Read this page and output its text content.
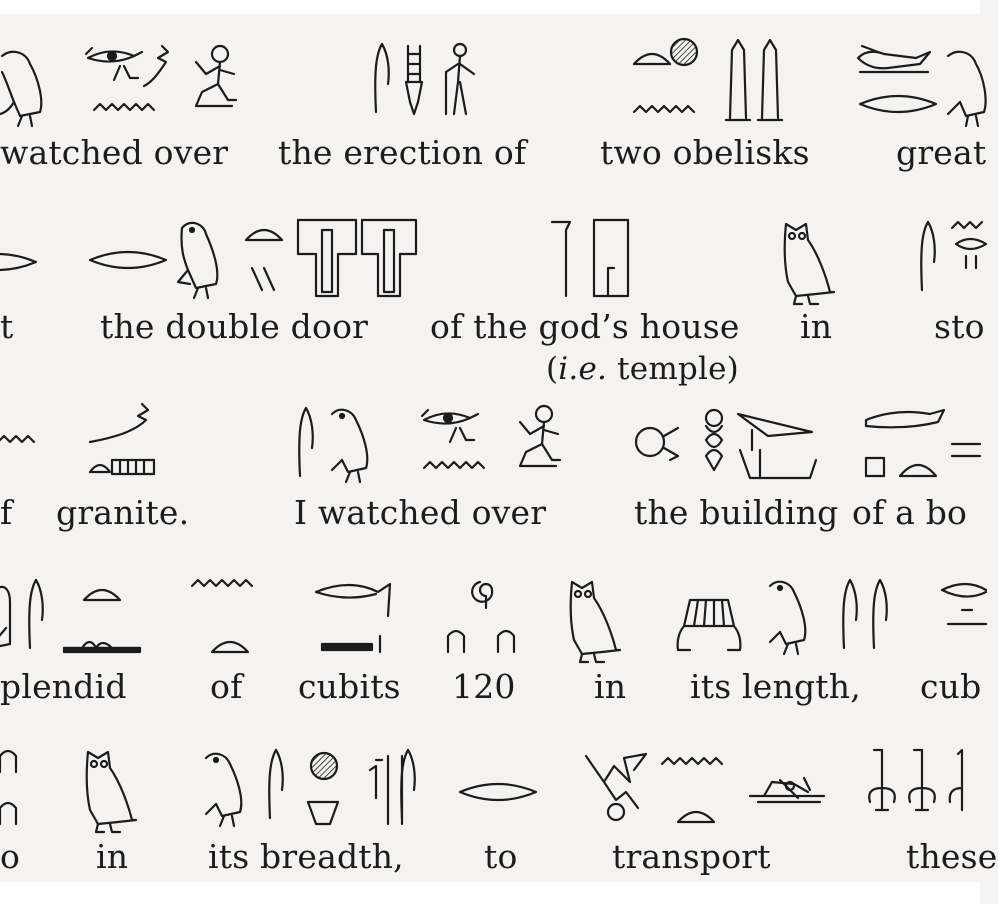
watched over the erection of two obelisks	great
t	the double door of the god’s house
(i.e. temple)
in	sto
f granite.	I watched over	the building of a bo
plendid	of cubits 120 in its length, cub
o in its breadth, to	transport	these
